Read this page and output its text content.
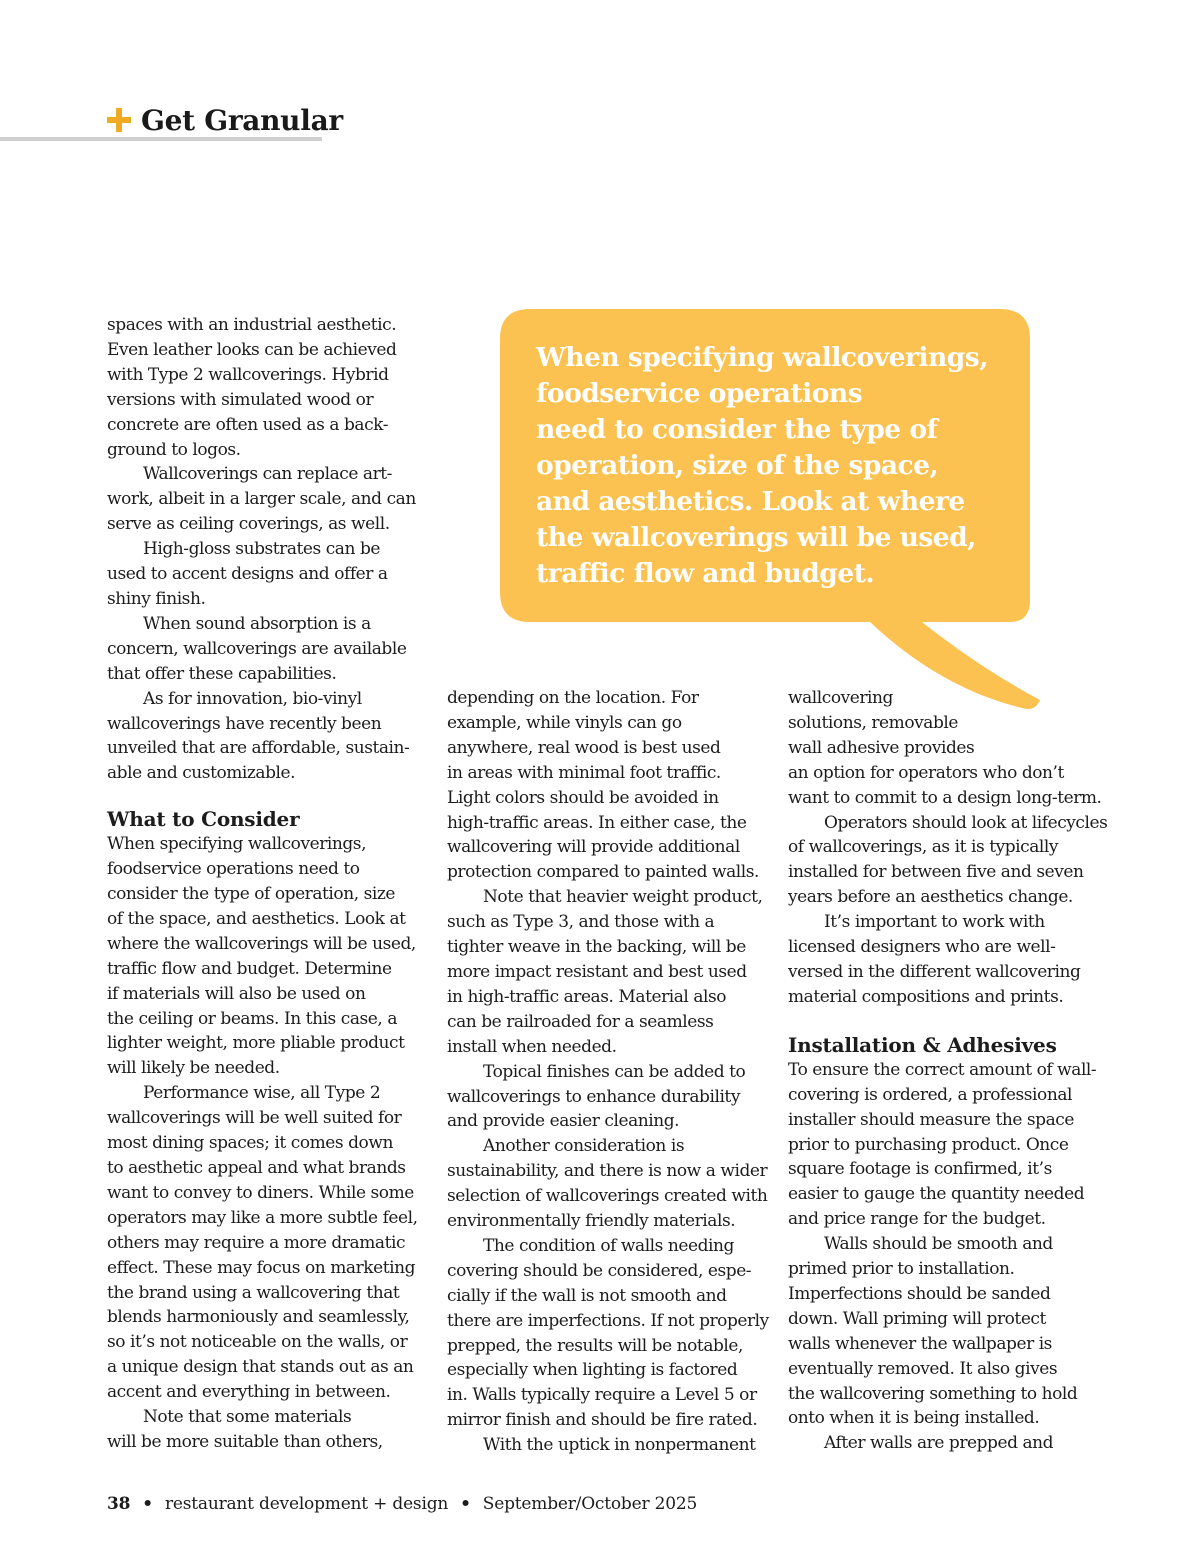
Get Granular
When specifying wallcoverings,
foodservice operations
need to consider the type of
operation, size of the space,
and aesthetics. Look at where
the wallcoverings will be used,
traffic flow and budget.

spaces with an industrial aesthetic.

Even leather looks can be achieved

with Type 2 wallcoverings. Hybrid

versions with simulated wood or

concrete are often used as a back-

ground to logos.

Wallcoverings can replace art-

work, albeit in a larger scale, and can

serve as ceiling coverings, as well.

High-gloss substrates can be

used to accent designs and offer a

shiny finish.

When sound absorption is a

concern, wallcoverings are available

that offer these capabilities.

As for innovation, bio-vinyl

wallcoverings have recently been

unveiled that are affordable, sustain-

able and customizable.

What to Consider

When specifying wallcoverings,

foodservice operations need to

consider the type of operation, size

of the space, and aesthetics. Look at

where the wallcoverings will be used,

traffic flow and budget. Determine

if materials will also be used on

the ceiling or beams. In this case, a

lighter weight, more pliable product

will likely be needed.

Performance wise, all Type 2

wallcoverings will be well suited for

most dining spaces; it comes down

to aesthetic appeal and what brands

want to convey to diners. While some

operators may like a more subtle feel,

others may require a more dramatic

effect. These may focus on marketing

the brand using a wallcovering that

blends harmoniously and seamlessly,

so it’s not noticeable on the walls, or

a unique design that stands out as an

accent and everything in between.

Note that some materials

will be more suitable than others,

depending on the location. For

example, while vinyls can go

anywhere, real wood is best used

in areas with minimal foot traffic.

Light colors should be avoided in

high-traffic areas. In either case, the

wallcovering will provide additional

protection compared to painted walls.

Note that heavier weight product,

such as Type 3, and those with a

tighter weave in the backing, will be

more impact resistant and best used

in high-traffic areas. Material also

can be railroaded for a seamless

install when needed.

Topical finishes can be added to

wallcoverings to enhance durability

and provide easier cleaning.

Another consideration is

sustainability, and there is now a wider

selection of wallcoverings created with

environmentally friendly materials.

The condition of walls needing

covering should be considered, espe-

cially if the wall is not smooth and

there are imperfections. If not properly

prepped, the results will be notable,

especially when lighting is factored

in. Walls typically require a Level 5 or

mirror finish and should be fire rated.

With the uptick in nonpermanent

wallcovering

solutions, removable

wall adhesive provides

an option for operators who don’t

want to commit to a design long-term.

Operators should look at lifecycles

of wallcoverings, as it is typically

installed for between five and seven

years before an aesthetics change.

It’s important to work with

licensed designers who are well-

versed in the different wallcovering

material compositions and prints.

Installation & Adhesives

To ensure the correct amount of wall-

covering is ordered, a professional

installer should measure the space

prior to purchasing product. Once

square footage is confirmed, it’s

easier to gauge the quantity needed

and price range for the budget.

Walls should be smooth and

primed prior to installation.

Imperfections should be sanded

down. Wall priming will protect

walls whenever the wallpaper is

eventually removed. It also gives

the wallcovering something to hold

onto when it is being installed.

After walls are prepped and

38 • restaurant development + design • September/October 2025
